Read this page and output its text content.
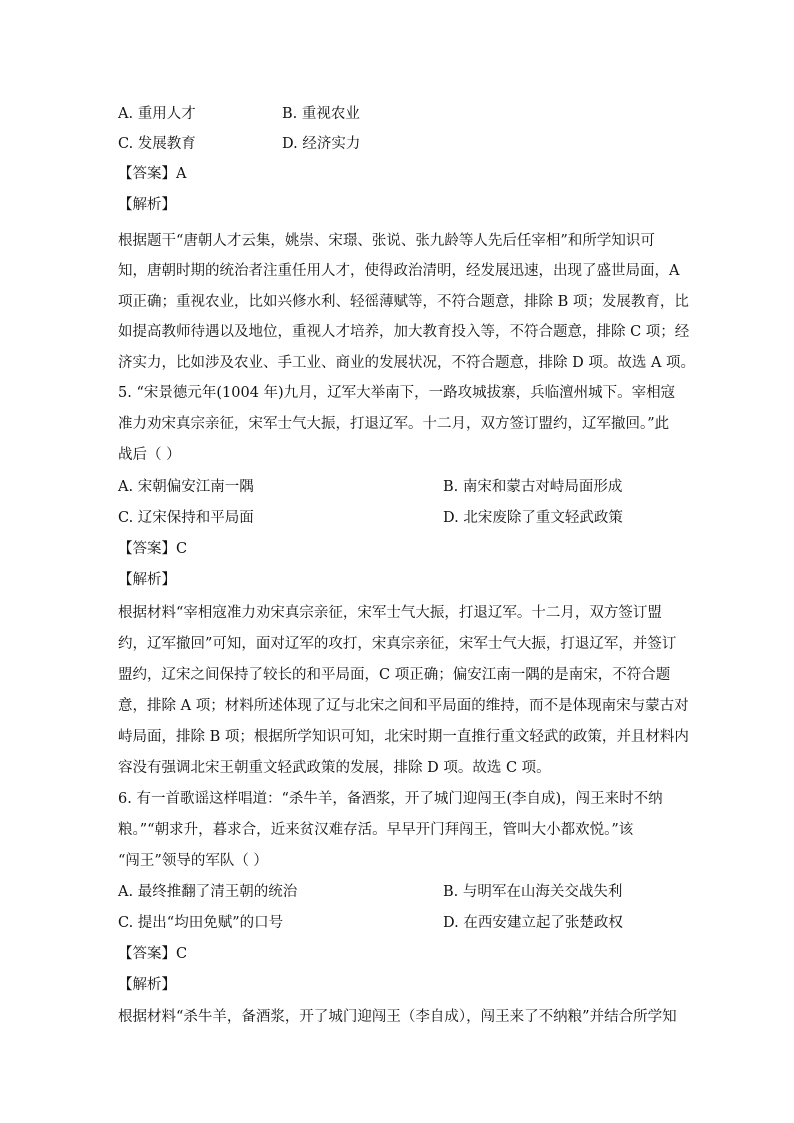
A. 重用人才	B. 重视农业
C. 发展教育	D. 经济实力
【答案】A
【解析】
根据题干“唐朝人才云集，姚崇、宋璟、张说、张九龄等人先后任宰相”和所学知识可
知，唐朝时期的统治者注重任用人才，使得政治清明，经发展迅速，出现了盛世局面，A
项正确；重视农业，比如兴修水利、轻徭薄赋等，不符合题意，排除 B 项；发展教育，比
如提高教师待遇以及地位，重视人才培养，加大教育投入等，不符合题意，排除 C 项；经
济实力，比如涉及农业、手工业、商业的发展状况，不符合题意，排除 D 项。故选 A 项。
5. “宋景德元年(1004 年)九月，辽军大举南下，一路攻城拔寨，兵临澶州城下。宰相寇
准力劝宋真宗亲征，宋军士气大振，打退辽军。十二月，双方签订盟约，辽军撤回。”此
战后（ ）
A. 宋朝偏安江南一隅	B. 南宋和蒙古对峙局面形成
C. 辽宋保持和平局面	D. 北宋废除了重文轻武政策
【答案】C
【解析】
根据材料“宰相寇准力劝宋真宗亲征，宋军士气大振，打退辽军。十二月，双方签订盟
约，辽军撤回”可知，面对辽军的攻打，宋真宗亲征，宋军士气大振，打退辽军，并签订
盟约，辽宋之间保持了较长的和平局面，C 项正确；偏安江南一隅的是南宋，不符合题
意，排除 A 项；材料所述体现了辽与北宋之间和平局面的维持，而不是体现南宋与蒙古对
峙局面，排除 B 项；根据所学知识可知，北宋时期一直推行重文轻武的政策，并且材料内
容没有强调北宋王朝重文轻武政策的发展，排除 D 项。故选 C 项。
6. 有一首歌谣这样唱道：“杀牛羊，备酒浆，开了城门迎闯王(李自成)，闯王来时不纳
粮。”“朝求升，暮求合，近来贫汉难存活。早早开门拜闯王，管叫大小都欢悦。”该
“闯王”领导的军队（ ）
A. 最终推翻了清王朝的统治	B. 与明军在山海关交战失利
C. 提出“均田免赋”的口号	D. 在西安建立起了张楚政权
【答案】C
【解析】
根据材料“杀牛羊，备酒浆，开了城门迎闯王（李自成），闯王来了不纳粮”并结合所学知
